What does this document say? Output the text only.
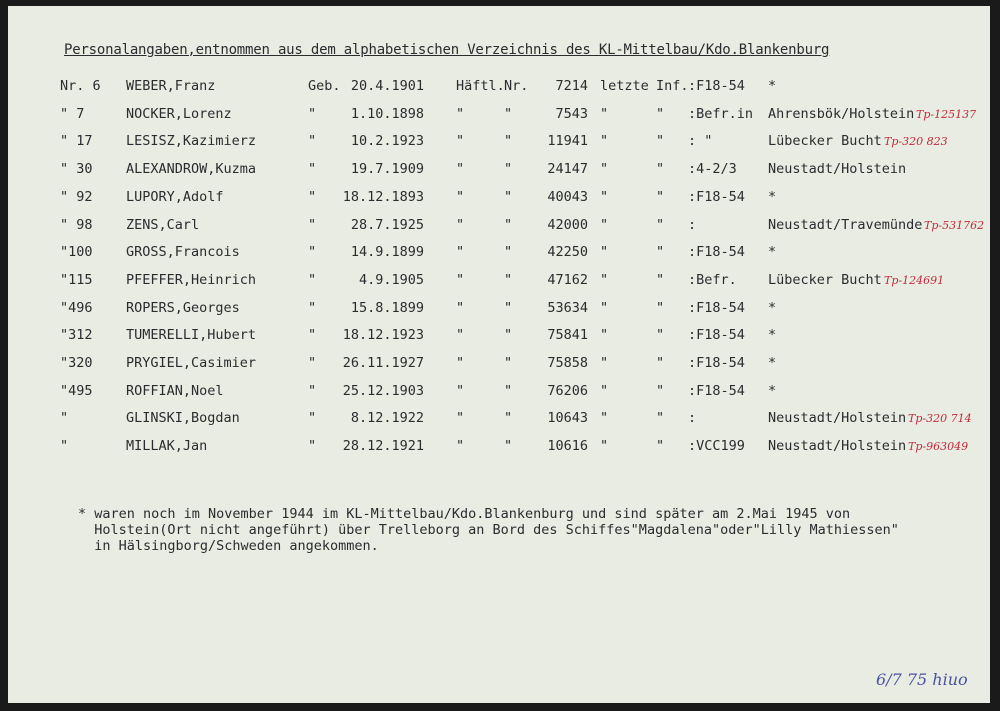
Personalangaben,entnommen aus dem alphabetischen Verzeichnis des KL-Mittelbau/Kdo.Blankenburg
Nr. 6	WEBER,Franz	Geb. 20.4.1901 Häftl. Nr.	7214 letzte Inf. :F18-54 *
" 7	NOCKER,Lorenz	"	1.10.1898 "	"	7543 "	" :Befr.in Ahrensbök/Holstein Tp-125137
" 17	LESISZ,Kazimierz	"	10.2.1923 "	"	11941 "	" : "	Lübecker Bucht Tp-320 823
" 30	ALEXANDROW,Kuzma	"	19.7.1909 "	"	24147 "	" :4-2/3 Neustadt/Holstein
" 92	LUPORY,Adolf	"	18.12.1893 "	"	40043 "	" :F18-54 *
" 98	ZENS,Carl	"	28.7.1925 "	"	42000 "	" :	Neustadt/Travemünde Tp-531762
"100	GROSS,Francois	"	14.9.1899 "	"	42250 "	" :F18-54 *
"115	PFEFFER,Heinrich	"	4.9.1905 "	"	47162 "	" :Befr. Lübecker Bucht Tp-124691
"496	ROPERS,Georges	"	15.8.1899 "	"	53634 "	" :F18-54 *
"312	TUMERELLI,Hubert	"	18.12.1923 "	"	75841 "	" :F18-54 *
"320	PRYGIEL,Casimier	"	26.11.1927 "	"	75858 "	" :F18-54 *
"495	ROFFIAN,Noel	"	25.12.1903 "	"	76206 "	" :F18-54 *
"	GLINSKI,Bogdan	"	8.12.1922 "	"	10643 "	" :	Neustadt/Holstein Tp-320 714
"	MILLAK,Jan	"	28.12.1921 "	"	10616 "	" :VCC199 Neustadt/Holstein Tp-963049
* waren noch im November 1944 im KL-Mittelbau/Kdo.Blankenburg und sind später am 2.Mai 1945 von
Holstein(Ort nicht angeführt) über Trelleborg an Bord des Schiffes"Magdalena"oder"Lilly Mathiessen"
in Hälsingborg/Schweden angekommen.
6/7 75 hiuo
